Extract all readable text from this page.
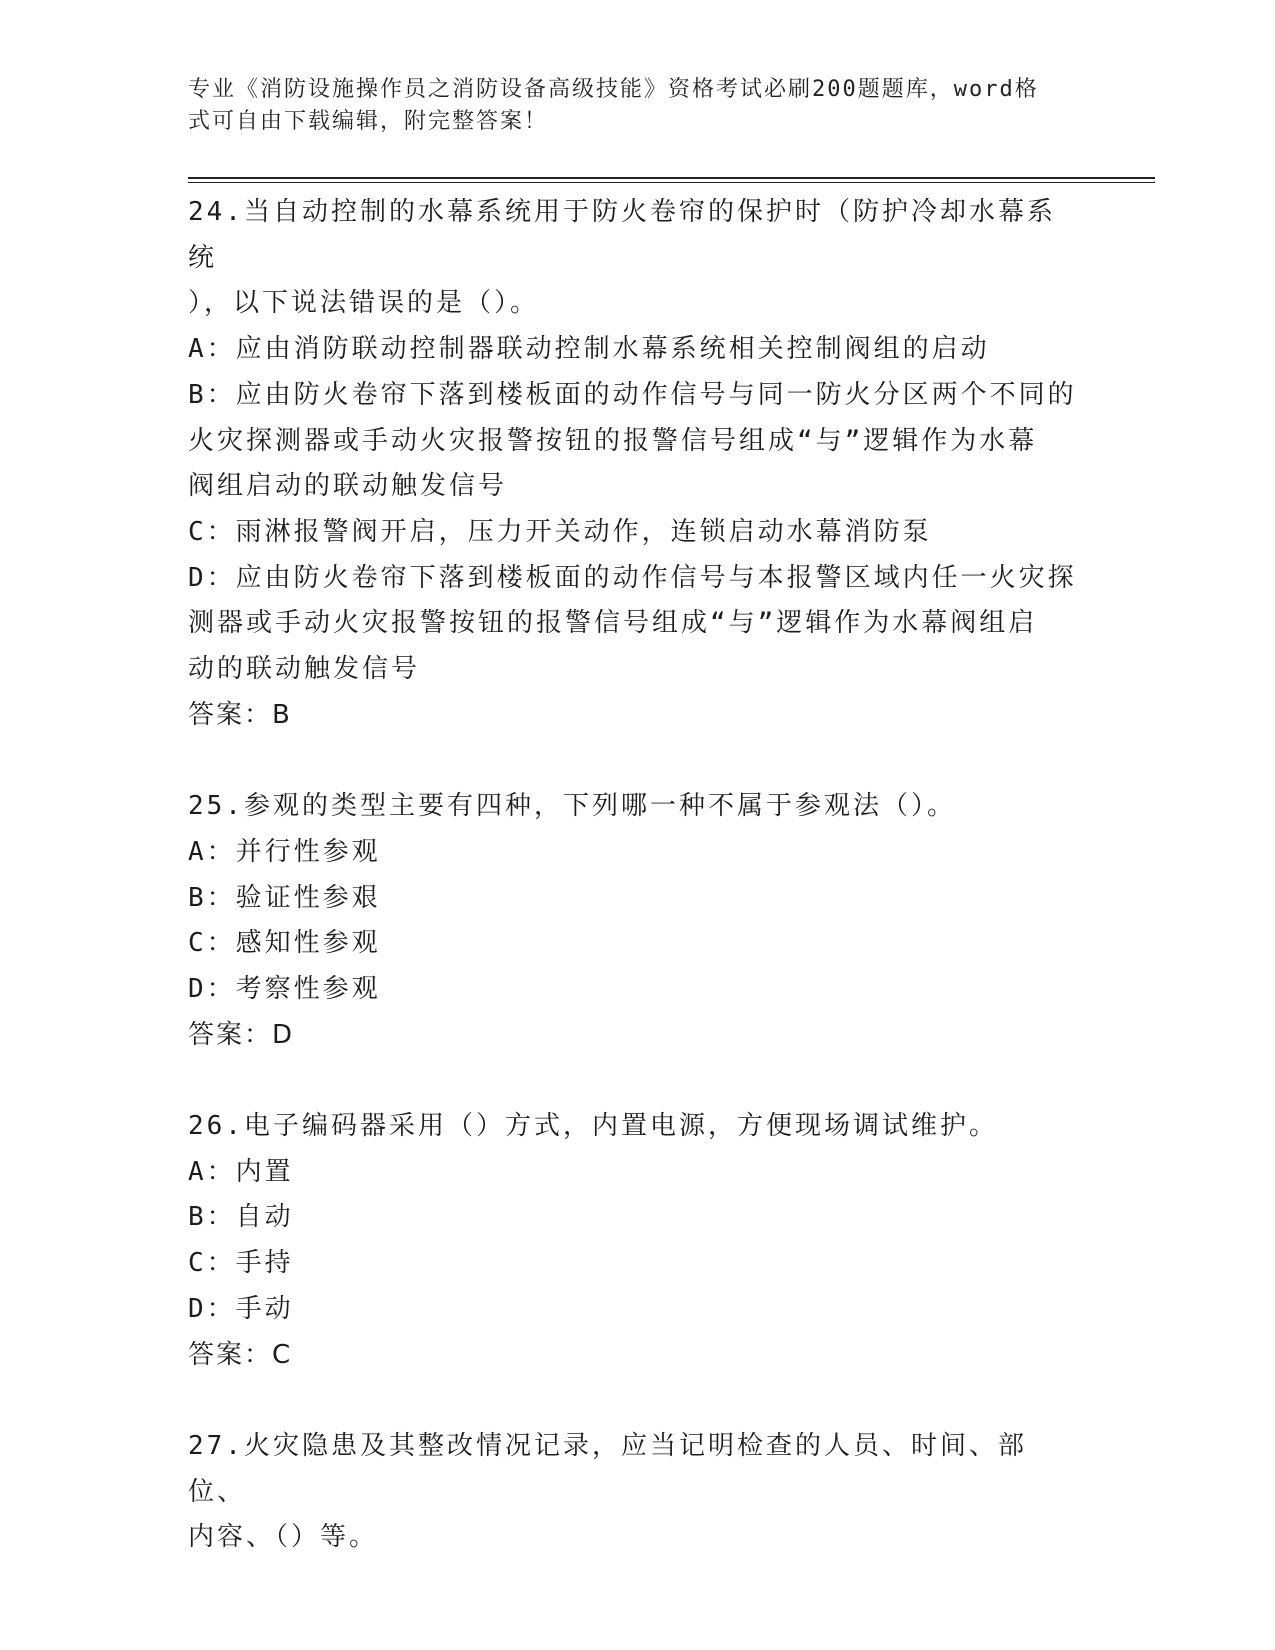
专业《消防设施操作员之消防设备高级技能》资格考试必刷200题题库，word格
式可自由下载编辑，附完整答案！

24.当自动控制的水幕系统用于防火卷帘的保护时（防护冷却水幕系统

），以下说法错误的是（）。

A：应由消防联动控制器联动控制水幕系统相关控制阀组的启动

B：应由防火卷帘下落到楼板面的动作信号与同一防火分区两个不同的

火灾探测器或手动火灾报警按钮的报警信号组成“与”逻辑作为水幕

阀组启动的联动触发信号

C：雨淋报警阀开启，压力开关动作，连锁启动水幕消防泵

D：应由防火卷帘下落到楼板面的动作信号与本报警区域内任一火灾探

测器或手动火灾报警按钮的报警信号组成“与”逻辑作为水幕阀组启

动的联动触发信号

答案：B

25.参观的类型主要有四种，下列哪一种不属于参观法（）。

A：并行性参观

B：验证性参艰

C：感知性参观

D：考察性参观

答案：D

26.电子编码器采用（）方式，内置电源，方便现场调试维护。

A：内置

B：自动

C：手持

D：手动

答案：C

27.火灾隐患及其整改情况记录，应当记明检查的人员、时间、部位、

内容、（）等。
